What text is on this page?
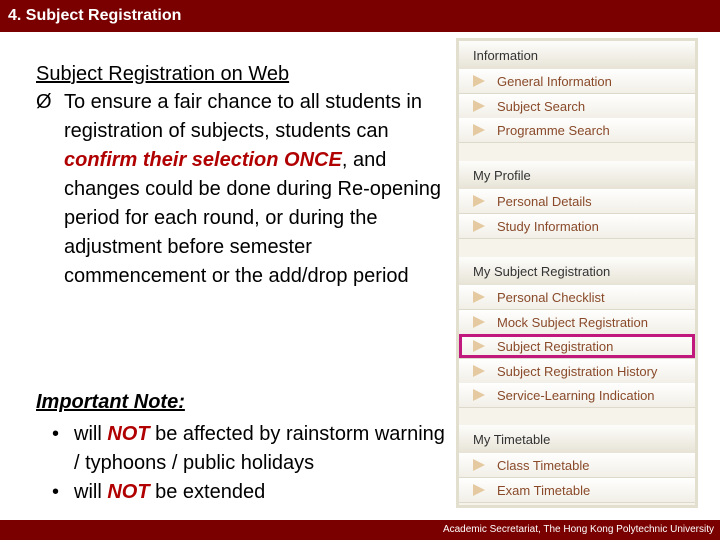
4. Subject Registration
Subject Registration on Web
Ø To ensure a fair chance to all students in registration of subjects, students can confirm their selection ONCE, and changes could be done during Re-opening period for each round, or during the adjustment before semester commencement or the add/drop period
Important Note:
• will NOT be affected by rainstorm warning / typhoons / public holidays
• will NOT be extended
Information
General Information
Subject Search
Programme Search
My Profile
Personal Details
Study Information
My Subject Registration
Personal Checklist
Mock Subject Registration
Subject Registration
Subject Registration History
Service-Learning Indication
My Timetable
Class Timetable
Exam Timetable
Academic Secretariat, The Hong Kong Polytechnic University
